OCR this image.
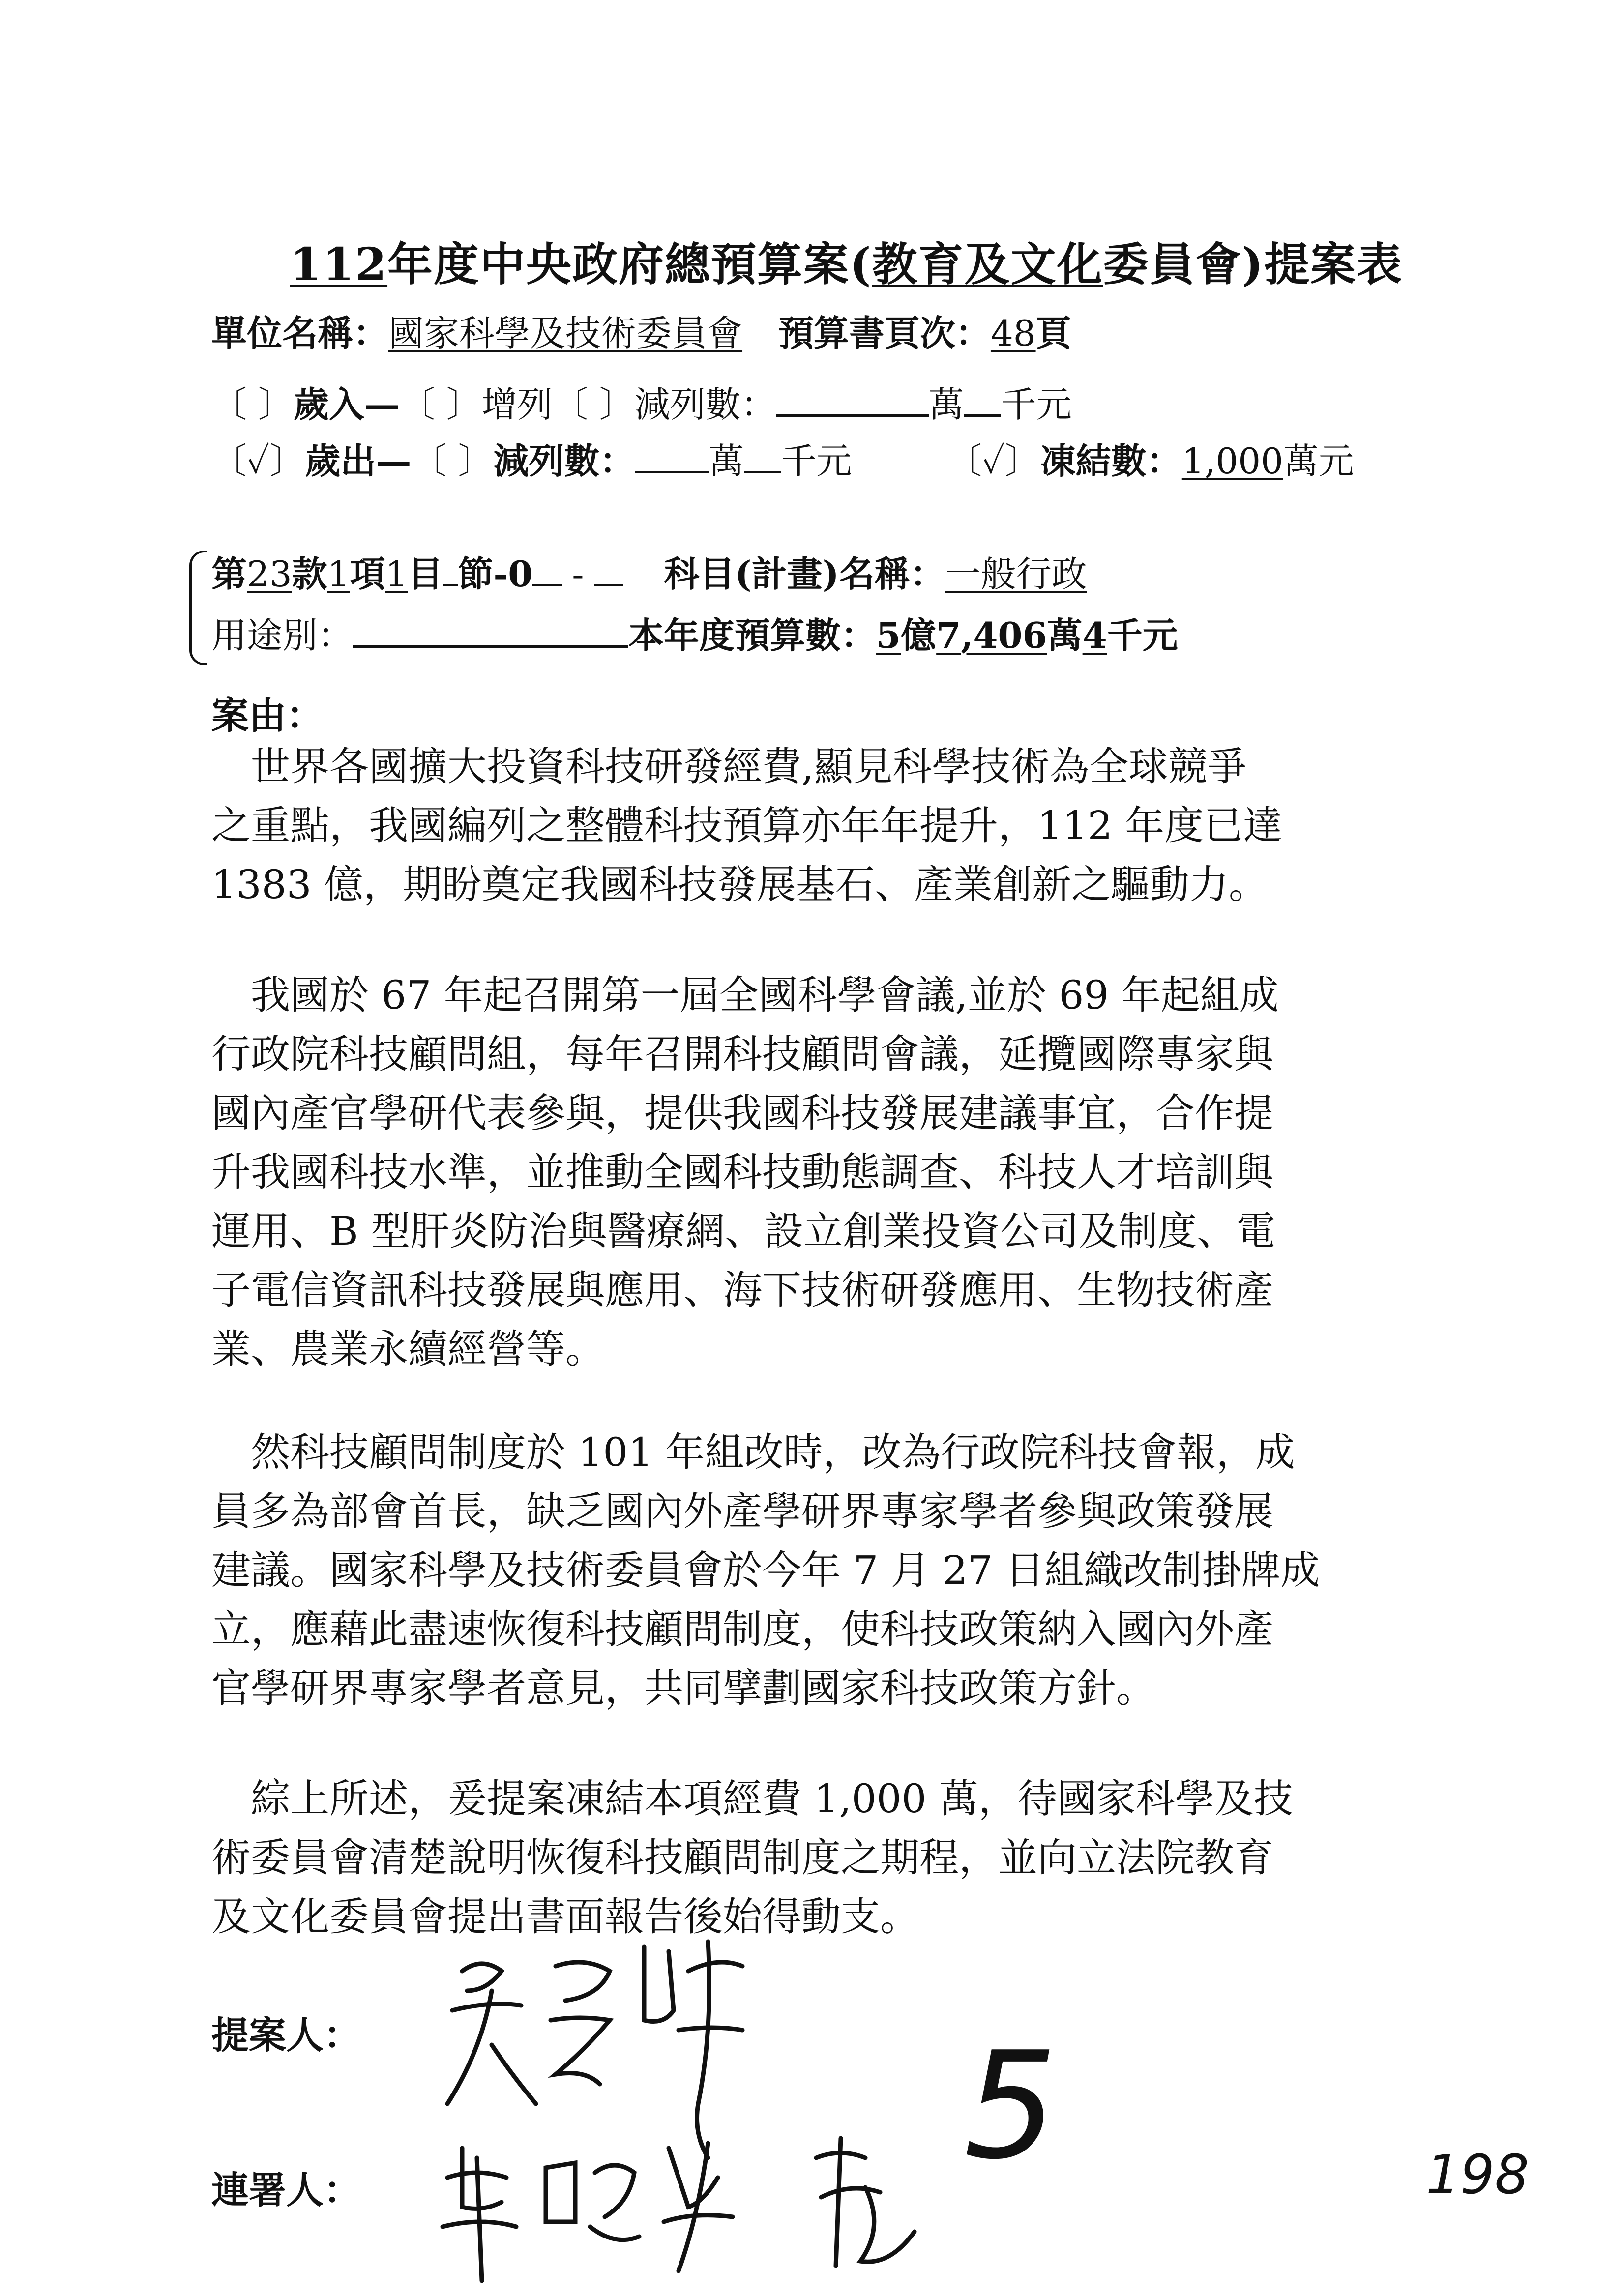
112年度中央政府總預算案(教育及文化委員會)提案表
單位名稱：國家科學及技術委員會 預算書頁次：48頁
〔 〕歲入—〔 〕增列〔 〕減列數：	萬 千元
〔✓〕歲出—〔 〕減列數： 萬 千元	〔✓〕凍結數：1,000萬元
第23款1項1目 節-0 - 科目(計畫)名稱：一般行政
用途別：	本年度預算數：5億7,406萬4千元
案由：
　世界各國擴大投資科技研發經費,顯見科學技術為全球競爭
之重點，我國編列之整體科技預算亦年年提升，112 年度已達
1383 億，期盼奠定我國科技發展基石、產業創新之驅動力。
　我國於 67 年起召開第一屆全國科學會議,並於 69 年起組成
行政院科技顧問組，每年召開科技顧問會議，延攬國際專家與
國內產官學研代表參與，提供我國科技發展建議事宜，合作提
升我國科技水準，並推動全國科技動態調查、科技人才培訓與
運用、B 型肝炎防治與醫療網、設立創業投資公司及制度、電
子電信資訊科技發展與應用、海下技術研發應用、生物技術產
業、農業永續經營等。
　然科技顧問制度於 101 年組改時，改為行政院科技會報，成
員多為部會首長，缺乏國內外產學研界專家學者參與政策發展
建議。國家科學及技術委員會於今年 7 月 27 日組織改制掛牌成
立，應藉此盡速恢復科技顧問制度，使科技政策納入國內外產
官學研界專家學者意見，共同擘劃國家科技政策方針。
　綜上所述，爰提案凍結本項經費 1,000 萬，待國家科學及技
術委員會清楚說明恢復科技顧問制度之期程，並向立法院教育
及文化委員會提出書面報告後始得動支。
提案人：
連署人：	5	198
